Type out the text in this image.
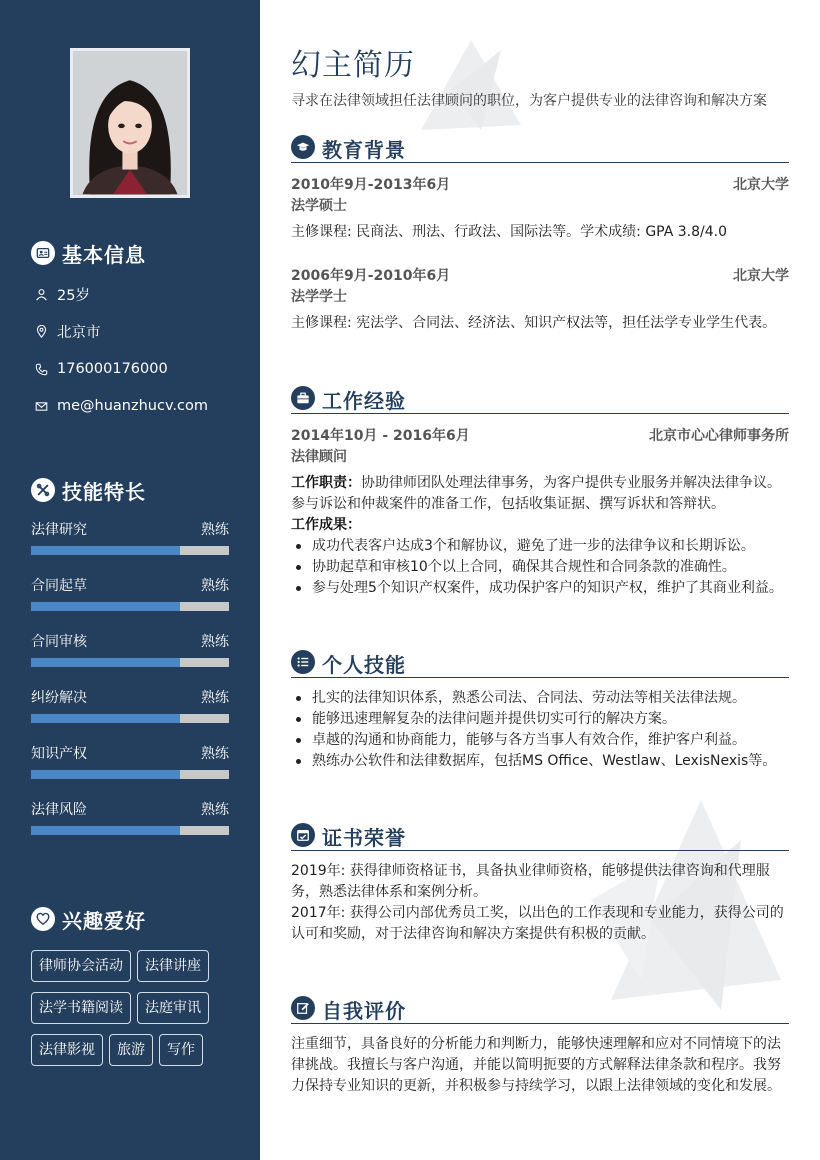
基本信息
25岁
北京市
176000176000
me@huanzhucv.com
技能特长
法律研究	熟练
合同起草	熟练
合同审核	熟练
纠纷解决	熟练
知识产权	熟练
法律风险	熟练
兴趣爱好
律师协会活动	法律讲座
法学书籍阅读	法庭审讯
法律影视	旅游	写作
幻主简历
寻求在法律领域担任法律顾问的职位，为客户提供专业的法律咨询和解决方案
教育背景
2010年9月-2013年6月	北京大学
法学硕士
主修课程: 民商法、刑法、行政法、国际法等。学术成绩: GPA 3.8/4.0
2006年9月-2010年6月	北京大学
法学学士
主修课程: 宪法学、合同法、经济法、知识产权法等，担任法学专业学生代表。
工作经验
2014年10月 - 2016年6月	北京市心心律师事务所
法律顾问
工作职责：协助律师团队处理法律事务，为客户提供专业服务并解决法律争议。参与诉讼和仲裁案件的准备工作，包括收集证据、撰写诉状和答辩状。
工作成果：
成功代表客户达成3个和解协议，避免了进一步的法律争议和长期诉讼。
协助起草和审核10个以上合同，确保其合规性和合同条款的准确性。
参与处理5个知识产权案件，成功保护客户的知识产权，维护了其商业利益。
个人技能
扎实的法律知识体系，熟悉公司法、合同法、劳动法等相关法律法规。
能够迅速理解复杂的法律问题并提供切实可行的解决方案。
卓越的沟通和协商能力，能够与各方当事人有效合作，维护客户利益。
熟练办公软件和法律数据库，包括MS Office、Westlaw、LexisNexis等。
证书荣誉
2019年: 获得律师资格证书，具备执业律师资格，能够提供法律咨询和代理服务，熟悉法律体系和案例分析。
2017年: 获得公司内部优秀员工奖，以出色的工作表现和专业能力，获得公司的认可和奖励，对于法律咨询和解决方案提供有积极的贡献。
自我评价
注重细节，具备良好的分析能力和判断力，能够快速理解和应对不同情境下的法律挑战。我擅长与客户沟通，并能以简明扼要的方式解释法律条款和程序。我努力保持专业知识的更新，并积极参与持续学习，以跟上法律领域的变化和发展。
